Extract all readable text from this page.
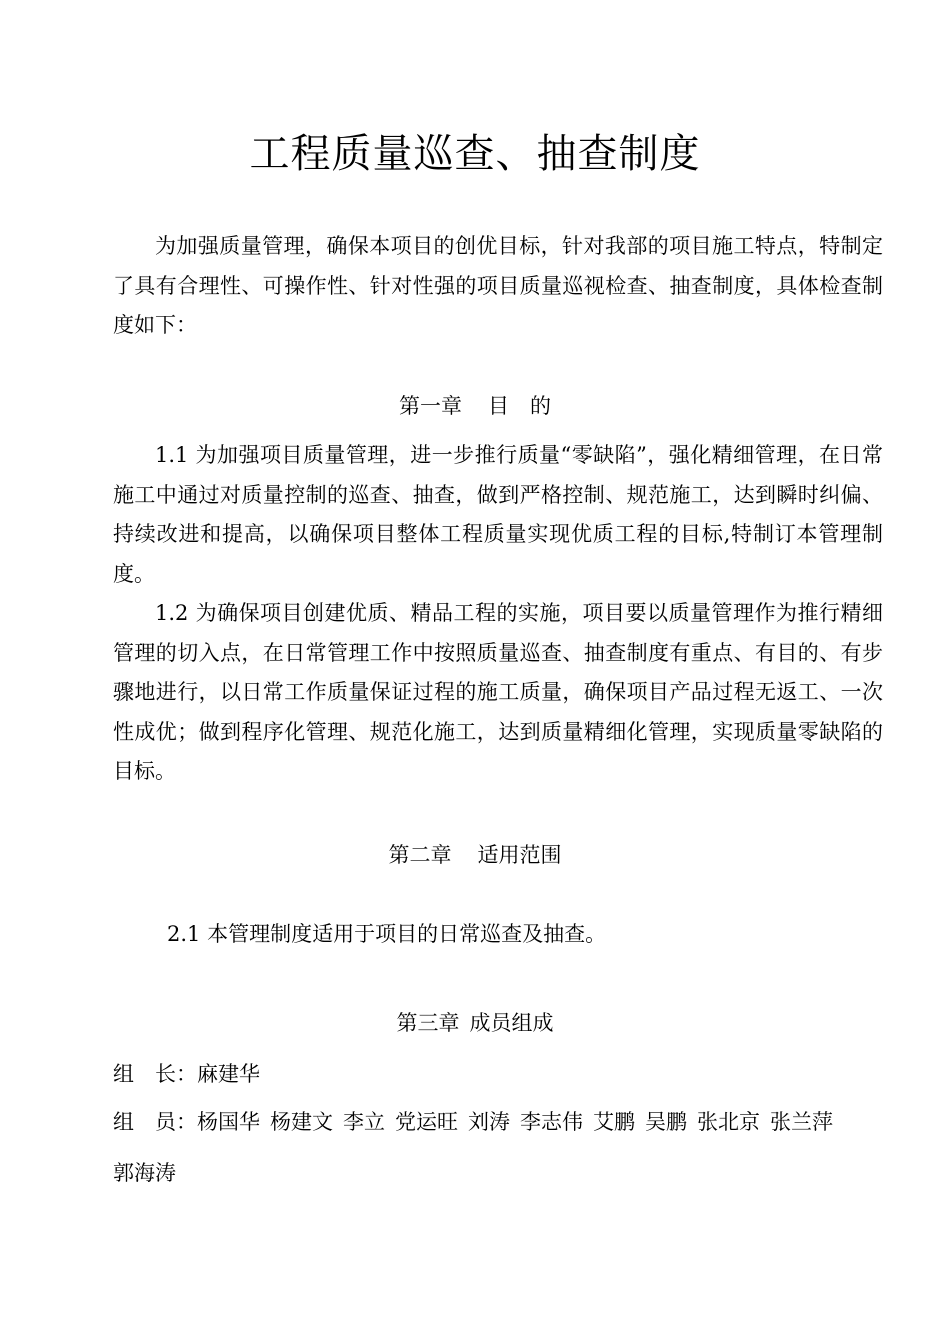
工程质量巡查、抽查制度
为加强质量管理，确保本项目的创优目标，针对我部的项目施工特点，特制定了具有合理性、可操作性、针对性强的项目质量巡视检查、抽查制度，具体检查制度如下：
第一章 目　的
1.1 为加强项目质量管理，进一步推行质量“零缺陷”，强化精细管理，在日常施工中通过对质量控制的巡查、抽查，做到严格控制、规范施工，达到瞬时纠偏、持续改进和提高，以确保项目整体工程质量实现优质工程的目标,特制订本管理制度。
1.2 为确保项目创建优质、精品工程的实施，项目要以质量管理作为推行精细管理的切入点，在日常管理工作中按照质量巡查、抽查制度有重点、有目的、有步骤地进行，以日常工作质量保证过程的施工质量，确保项目产品过程无返工、一次性成优；做到程序化管理、规范化施工，达到质量精细化管理，实现质量零缺陷的目标。
第二章 适用范围
2.1 本管理制度适用于项目的日常巡查及抽查。
第三章 成员组成
组　长：麻建华
组　员：杨国华 杨建文 李立 党运旺 刘涛 李志伟 艾鹏 吴鹏 张北京 张兰萍
郭海涛
